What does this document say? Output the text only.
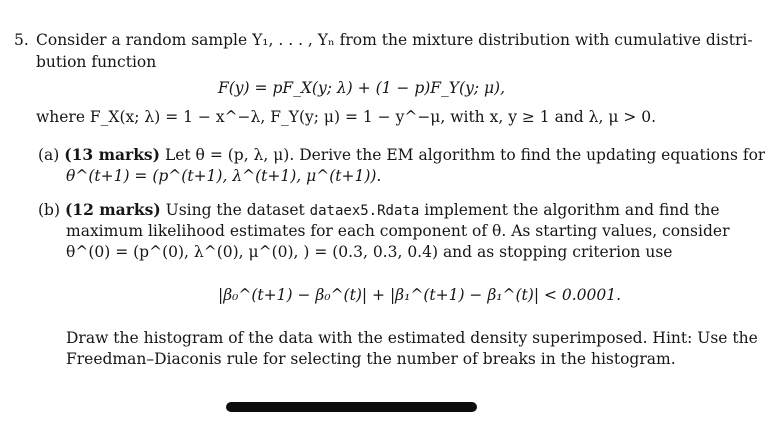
5. Consider a random sample Y₁, . . . , Yₙ from the mixture distribution with cumulative distri-
bution function
F(y) = pF_X(y; λ) + (1 − p)F_Y(y; μ),
where F_X(x; λ) = 1 − x^−λ, F_Y(y; μ) = 1 − y^−μ, with x, y ≥ 1 and λ, μ > 0.
(a) (13 marks) Let θ = (p, λ, μ). Derive the EM algorithm to find the updating equations for
θ^(t+1) = (p^(t+1), λ^(t+1), μ^(t+1)).
(b) (12 marks) Using the dataset dataex5.Rdata implement the algorithm and find the
maximum likelihood estimates for each component of θ. As starting values, consider
θ^(0) = (p^(0), λ^(0), μ^(0), ) = (0.3, 0.3, 0.4) and as stopping criterion use
|β₀^(t+1) − β₀^(t)| + |β₁^(t+1) − β₁^(t)| < 0.0001.
Draw the histogram of the data with the estimated density superimposed. Hint: Use the
Freedman–Diaconis rule for selecting the number of breaks in the histogram.
